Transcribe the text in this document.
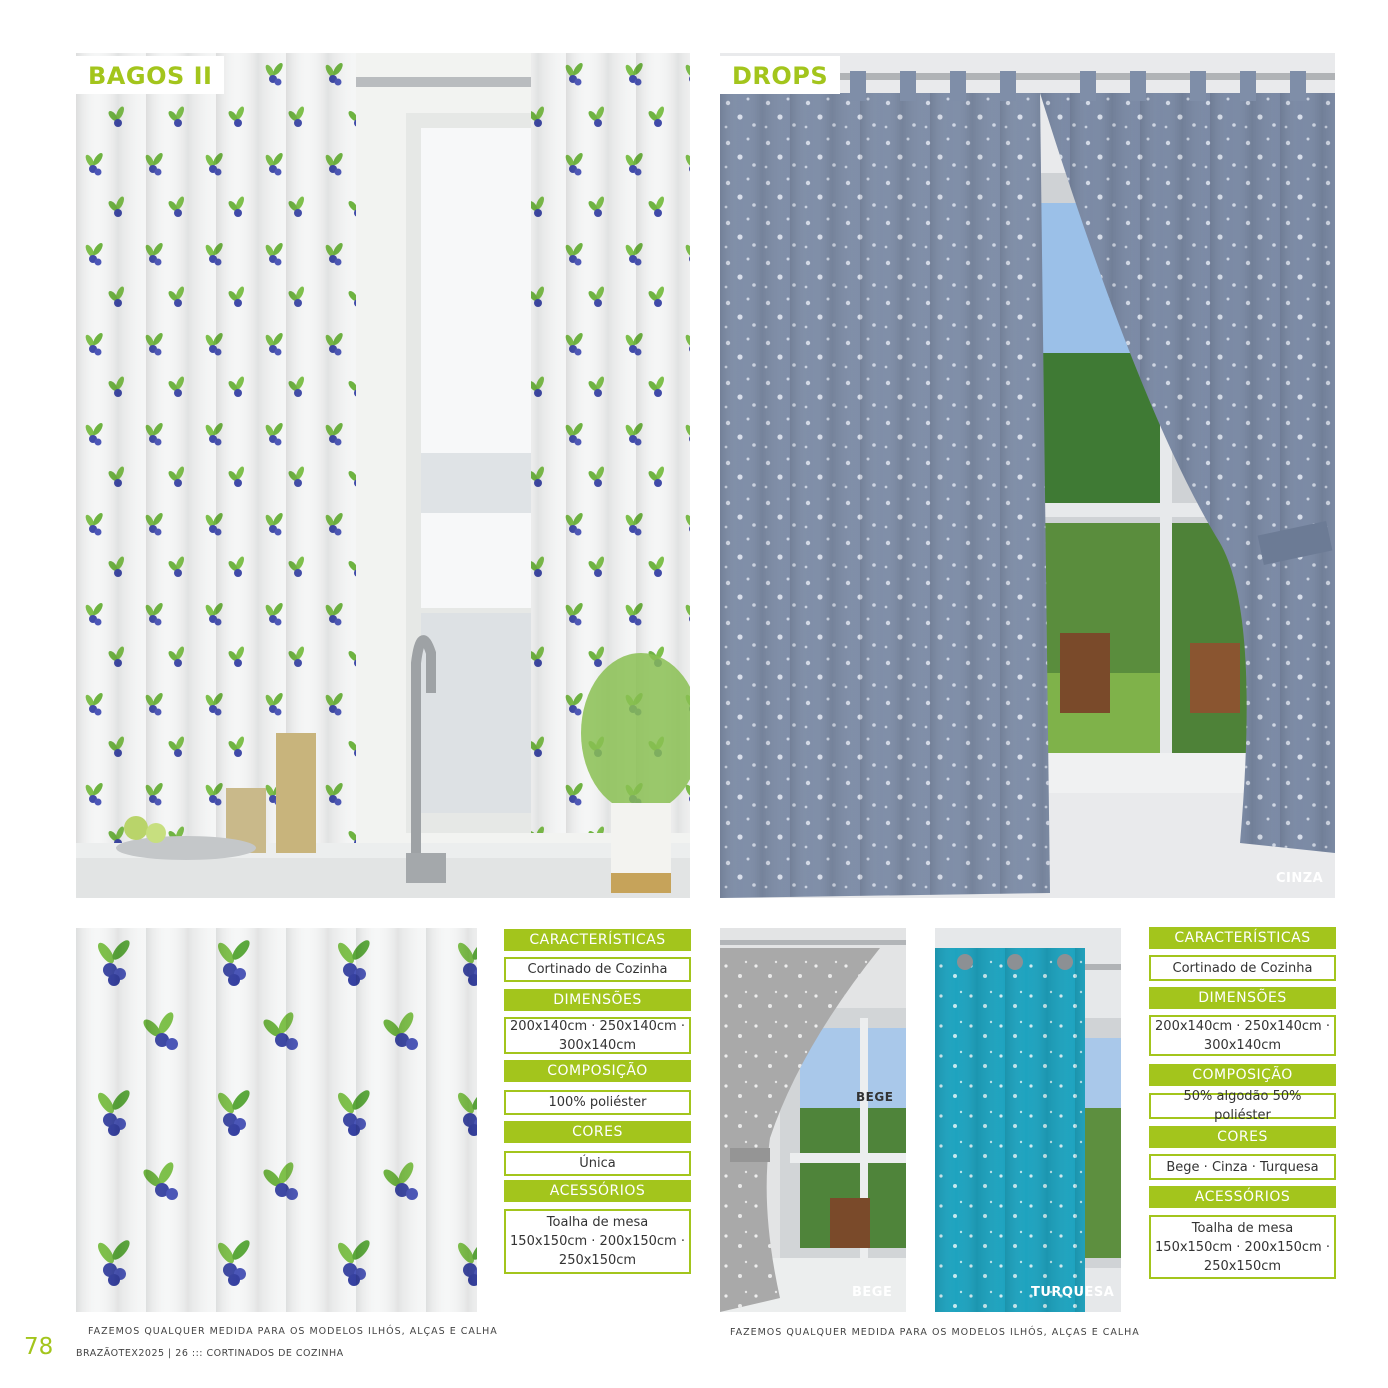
BAGOS II	DROPS
CINZA
CARACTERÍSTICAS
Cortinado de Cozinha
DIMENSÕES
200x140cm · 250x140cm · 300x140cm
COMPOSIÇÃO
100% poliéster
CORES
Única
ACESSÓRIOS
Toalha de mesa 150x150cm · 200x150cm · 250x150cm
BEGE
BEGE	TURQUESA
CARACTERÍSTICAS
Cortinado de Cozinha
DIMENSÕES
200x140cm · 250x140cm · 300x140cm
COMPOSIÇÃO
50% algodão 50% poliéster
CORES
Bege · Cinza · Turquesa
ACESSÓRIOS
Toalha de mesa 150x150cm · 200x150cm · 250x150cm
FAZEMOS QUALQUER MEDIDA PARA OS MODELOS ILHÓS, ALÇAS E CALHA	FAZEMOS QUALQUER MEDIDA PARA OS MODELOS ILHÓS, ALÇAS E CALHA
78 BRAZÃOTEX2025 | 26 ::: CORTINADOS DE COZINHA
